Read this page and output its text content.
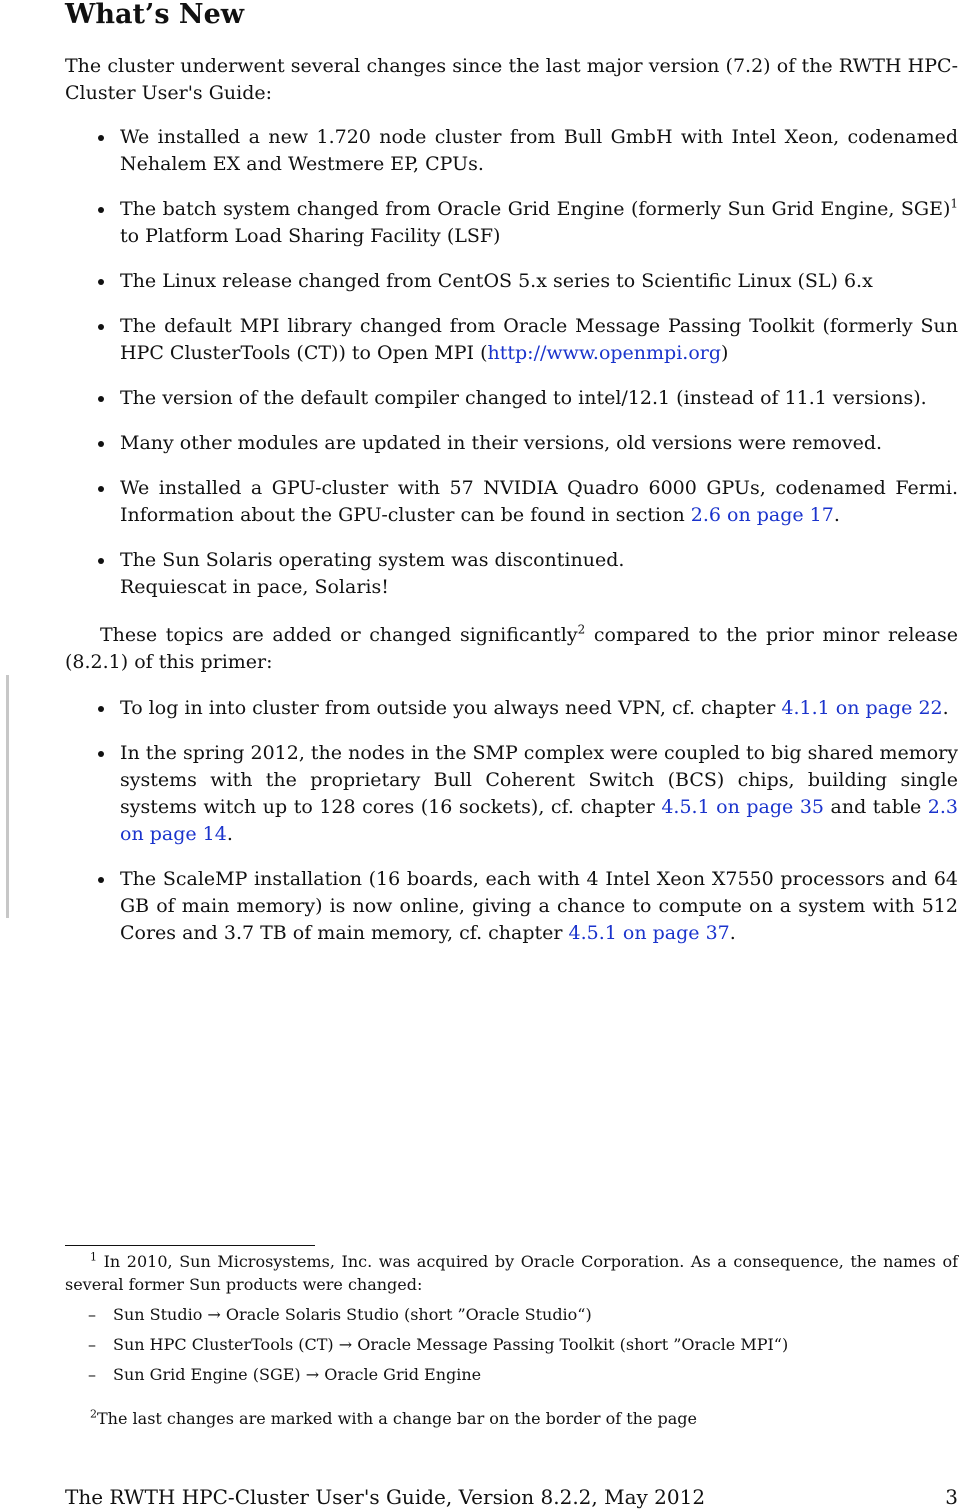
What’s New

The cluster underwent several changes since the last major version (7.2) of the RWTH HPC-Cluster User's Guide:

We installed a new 1.720 node cluster from Bull GmbH with Intel Xeon, codenamed Nehalem EX and Westmere EP, CPUs.
The batch system changed from Oracle Grid Engine (formerly Sun Grid Engine, SGE)$^1$ to Platform Load Sharing Facility (LSF)
The Linux release changed from CentOS 5.x series to Scientific Linux (SL) 6.x
The default MPI library changed from Oracle Message Passing Toolkit (formerly Sun HPC ClusterTools (CT)) to Open MPI (http://www.openmpi.org)
The version of the default compiler changed to intel/12.1 (instead of 11.1 versions).
Many other modules are updated in their versions, old versions were removed.
We installed a GPU-cluster with 57 NVIDIA Quadro 6000 GPUs, codenamed Fermi. Information about the GPU-cluster can be found in section 2.6 on page 17.
The Sun Solaris operating system was discontinued.
Requiescat in pace, Solaris!

These topics are added or changed significantly$^2$ compared to the prior minor release (8.2.1) of this primer:

To log in into cluster from outside you always need VPN, cf. chapter 4.1.1 on page 22.
In the spring 2012, the nodes in the SMP complex were coupled to big shared memory systems with the proprietary Bull Coherent Switch (BCS) chips, building single systems witch up to 128 cores (16 sockets), cf. chapter 4.5.1 on page 35 and table 2.3 on page 14.
The ScaleMP installation (16 boards, each with 4 Intel Xeon X7550 processors and 64 GB of main memory) is now online, giving a chance to compute on a system with 512 Cores and 3.7 TB of main memory, cf. chapter 4.5.1 on page 37.

$^1$ In 2010, Sun Microsystems, Inc. was acquired by Oracle Corporation. As a consequence, the names of several former Sun products were changed:

– Sun Studio → Oracle Solaris Studio (short ”Oracle Studio“)
– Sun HPC ClusterTools (CT) → Oracle Message Passing Toolkit (short ”Oracle MPI“)
– Sun Grid Engine (SGE) → Oracle Grid Engine

$^2$The last changes are marked with a change bar on the border of the page

The RWTH HPC-Cluster User's Guide, Version 8.2.2, May 2012	3
